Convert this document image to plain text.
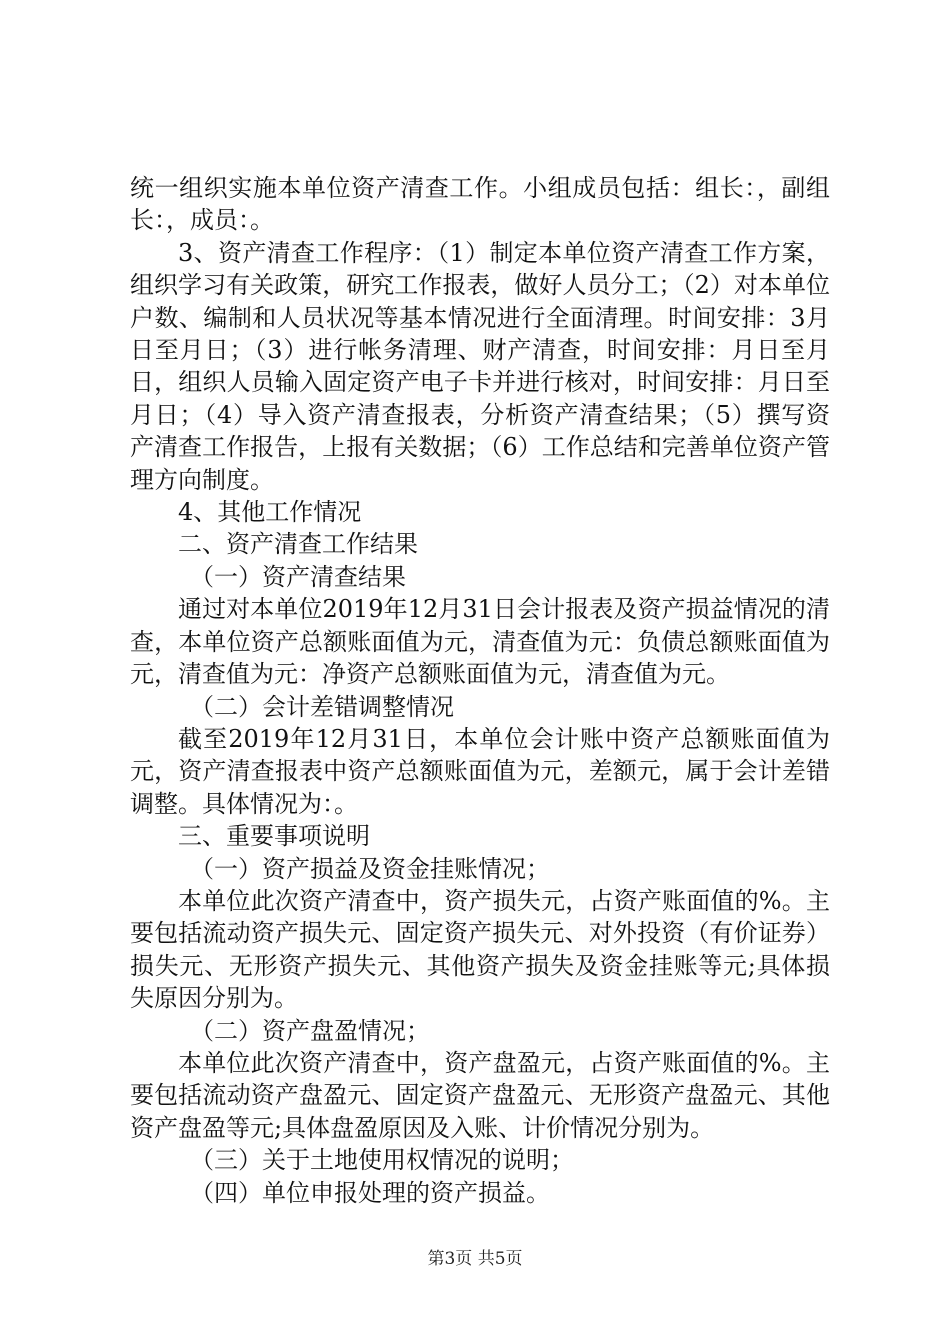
统一组织实施本单位资产清查工作。小组成员包括：组长：，副组长：，成员：。

3、资产清查工作程序：（1）制定本单位资产清查工作方案，组织学习有关政策，研究工作报表，做好人员分工；（2）对本单位户数、编制和人员状况等基本情况进行全面清理。时间安排：3月日至月日；（3）进行帐务清理、财产清查，时间安排：月日至月日，组织人员输入固定资产电子卡并进行核对，时间安排：月日至月日；（4）导入资产清查报表，分析资产清查结果；（5）撰写资产清查工作报告，上报有关数据；（6）工作总结和完善单位资产管理方向制度。

4、其他工作情况

二、资产清查工作结果

（一）资产清查结果

通过对本单位2019年12月31日会计报表及资产损益情况的清查，本单位资产总额账面值为元，清查值为元：负债总额账面值为元，清查值为元：净资产总额账面值为元，清查值为元。

（二）会计差错调整情况

截至2019年12月31日，本单位会计账中资产总额账面值为元，资产清查报表中资产总额账面值为元，差额元，属于会计差错调整。具体情况为：。

三、重要事项说明

（一）资产损益及资金挂账情况；

本单位此次资产清查中，资产损失元，占资产账面值的%。主要包括流动资产损失元、固定资产损失元、对外投资（有价证券）损失元、无形资产损失元、其他资产损失及资金挂账等元;具体损失原因分别为。

（二）资产盘盈情况；

本单位此次资产清查中，资产盘盈元，占资产账面值的%。主要包括流动资产盘盈元、固定资产盘盈元、无形资产盘盈元、其他资产盘盈等元;具体盘盈原因及入账、计价情况分别为。

（三）关于土地使用权情况的说明；

（四）单位申报处理的资产损益。

第3页 共5页
